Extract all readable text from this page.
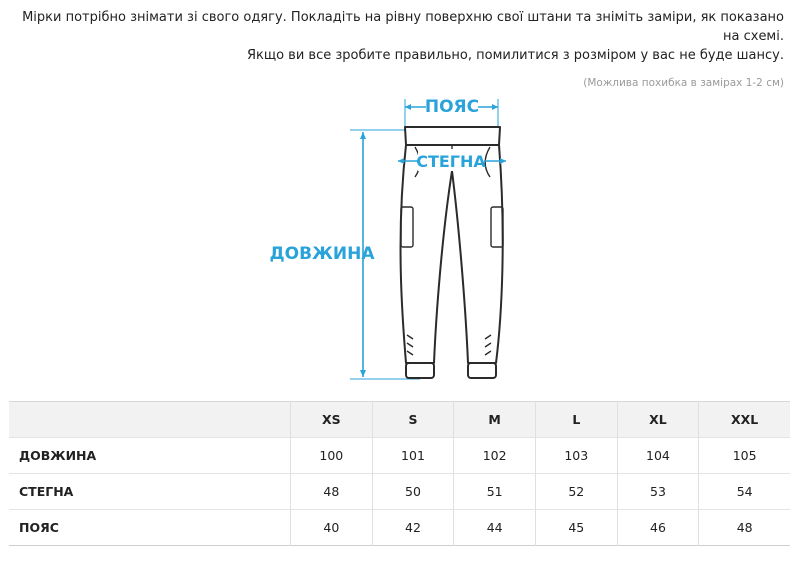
Мірки потрібно знімати зі свого одягу. Покладіть на рівну поверхню свої штани та зніміть заміри, як показано на схемі.

Якщо ви все зробите правильно, помилитися з розміром у вас не буде шансу.

(Можлива похибка в замірах 1-2 см)

ПОЯС
ДОВЖИНА
СТЕГНА
	XS	S	M	L	XL	XXL
ДОВЖИНА	100	101	102	103	104	105
СТЕГНА	48	50	51	52	53	54
ПОЯС	40	42	44	45	46	48
